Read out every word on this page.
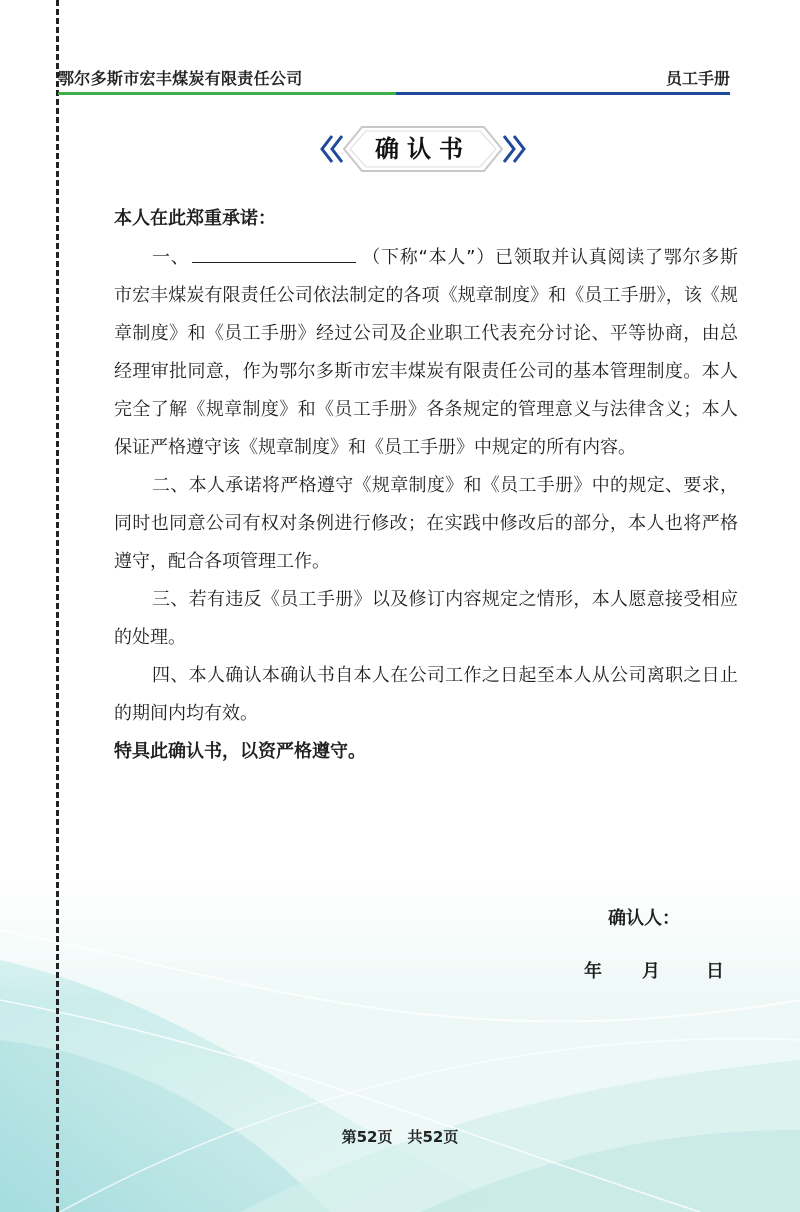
鄂尔多斯市宏丰煤炭有限责任公司	员工手册
确认书

本人在此郑重承诺：

一、	（下称“本人”）已领取并认真阅读了鄂尔多斯市宏丰煤炭有限责任公司依法制定的各项《规章制度》和《员工手册》，该《规章制度》和《员工手册》经过公司及企业职工代表充分讨论、平等协商，由总经理审批同意，作为鄂尔多斯市宏丰煤炭有限责任公司的基本管理制度。本人完全了解《规章制度》和《员工手册》各条规定的管理意义与法律含义；本人保证严格遵守该《规章制度》和《员工手册》中规定的所有内容。

二、本人承诺将严格遵守《规章制度》和《员工手册》中的规定、要求，同时也同意公司有权对条例进行修改；在实践中修改后的部分，本人也将严格遵守，配合各项管理工作。

三、若有违反《员工手册》以及修订内容规定之情形，本人愿意接受相应的处理。

四、本人确认本确认书自本人在公司工作之日起至本人从公司离职之日止的期间内均有效。

特具此确认书，以资严格遵守。

确认人：
年	月	日
第52页　共52页
